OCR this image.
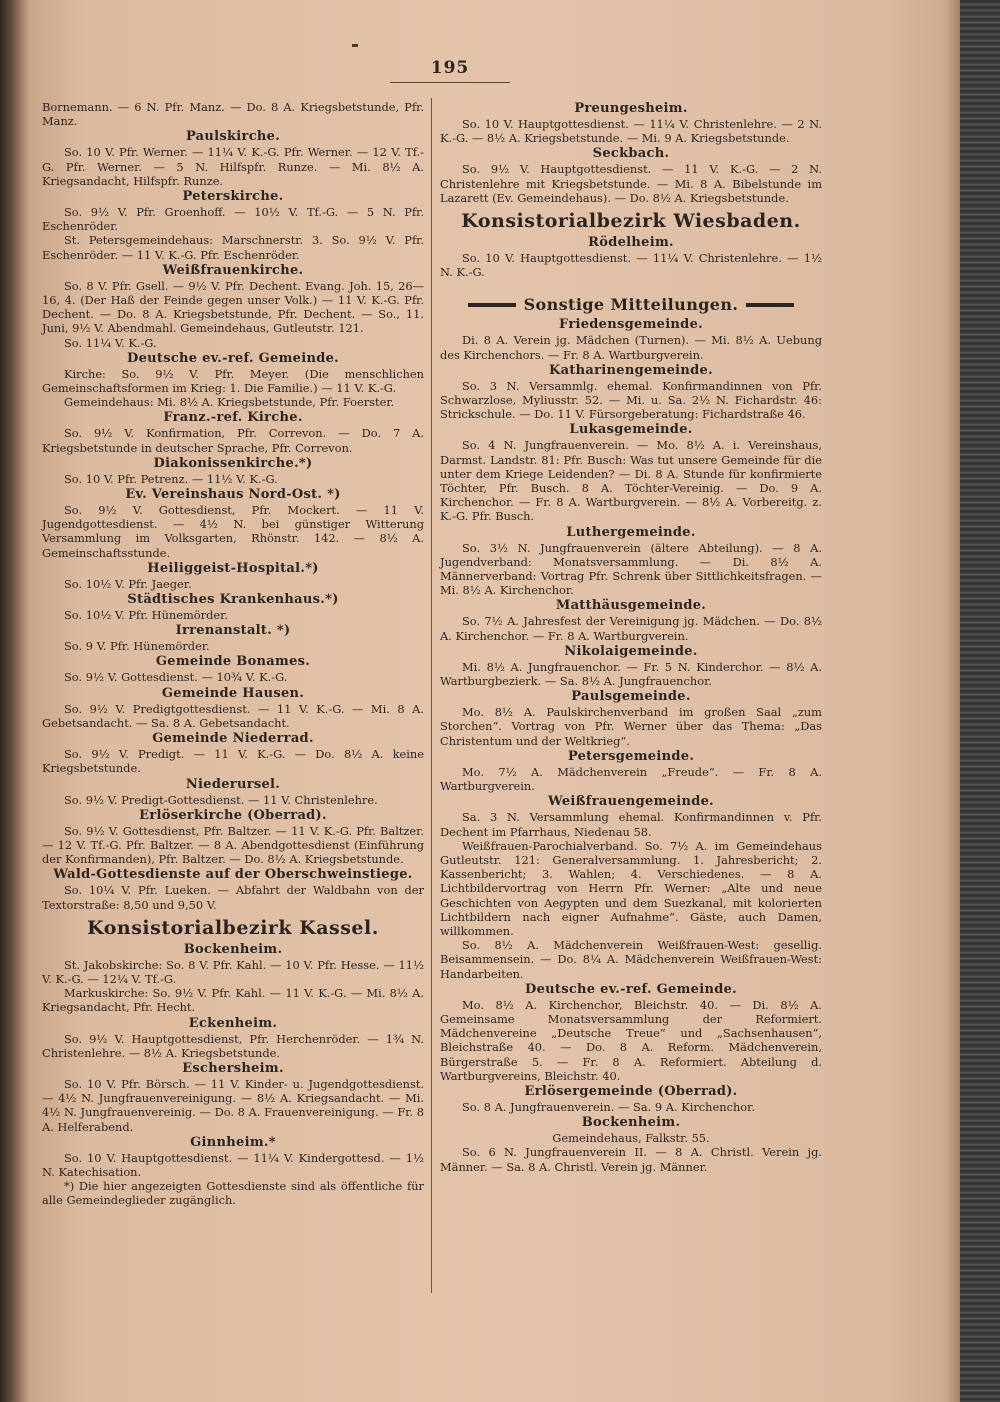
195

Bornemann. — 6 N. Pfr. Manz. — Do. 8 A. Kriegsbetstunde, Pfr. Manz.

Paulskirche.

So. 10 V. Pfr. Werner. — 11¼ V. K.-G. Pfr. Werner. — 12 V. Tf.-G. Pfr. Werner. — 5 N. Hilfspfr. Runze. — Mi. 8½ A. Kriegsandacht, Hilfspfr. Runze.

Peterskirche.

So. 9½ V. Pfr. Groenhoff. — 10½ V. Tf.-G. — 5 N. Pfr. Eschenröder.

St. Petersgemeindehaus: Marschnerstr. 3. So. 9½ V. Pfr. Eschenröder. — 11 V. K.-G. Pfr. Eschenröder.

Weißfrauenkirche.

So. 8 V. Pfr. Gsell. — 9½ V. Pfr. Dechent. Evang. Joh. 15, 26—16, 4. (Der Haß der Feinde gegen unser Volk.) — 11 V. K.-G. Pfr. Dechent. — Do. 8 A. Kriegsbetstunde, Pfr. Dechent. — So., 11. Juni, 9½ V. Abendmahl. Gemeindehaus, Gutleutstr. 121.

So. 11¼ V. K.-G.

Deutsche ev.-ref. Gemeinde.

Kirche: So. 9½ V. Pfr. Meyer. (Die menschlichen Gemeinschaftsformen im Krieg: 1. Die Familie.) — 11 V. K.-G.

Gemeindehaus: Mi. 8½ A. Kriegsbetstunde, Pfr. Foerster.

Franz.-ref. Kirche.

So. 9½ V. Konfirmation, Pfr. Correvon. — Do. 7 A. Kriegsbetstunde in deutscher Sprache, Pfr. Correvon.

Diakonissenkirche.*)

So. 10 V. Pfr. Petrenz. — 11½ V. K.-G.

Ev. Vereinshaus Nord-Ost. *)

So. 9½ V. Gottesdienst, Pfr. Mockert. — 11 V. Jugendgottesdienst. — 4½ N. bei günstiger Witterung Versammlung im Volksgarten, Rhönstr. 142. — 8½ A. Gemeinschaftsstunde.

Heiliggeist-Hospital.*)

So. 10½ V. Pfr. Jaeger.

Städtisches Krankenhaus.*)

So. 10½ V. Pfr. Hünemörder.

Irrenanstalt. *)

So. 9 V. Pfr. Hünemörder.

Gemeinde Bonames.

So. 9½ V. Gottesdienst. — 10¾ V. K.-G.

Gemeinde Hausen.

So. 9½ V. Predigtgottesdienst. — 11 V. K.-G. — Mi. 8 A. Gebetsandacht. — Sa. 8 A. Gebetsandacht.

Gemeinde Niederrad.

So. 9½ V. Predigt. — 11 V. K.-G. — Do. 8½ A. keine Kriegsbetstunde.

Niederursel.

So. 9½ V. Predigt-Gottesdienst. — 11 V. Christenlehre.

Erlöserkirche (Oberrad).

So. 9½ V. Gottesdienst, Pfr. Baltzer. — 11 V. K.-G. Pfr. Baltzer. — 12 V. Tf.-G. Pfr. Baltzer. — 8 A. Abendgottesdienst (Einführung der Konfirmanden), Pfr. Baltzer. — Do. 8½ A. Kriegsbetstunde.

Wald-Gottesdienste auf der Oberschweinstiege.

So. 10¼ V. Pfr. Lueken. — Abfahrt der Waldbahn von der Textorstraße: 8,50 und 9,50 V.

Konsistorialbezirk Kassel.
Bockenheim.

St. Jakobskirche: So. 8 V. Pfr. Kahl. — 10 V. Pfr. Hesse. — 11½ V. K.-G. — 12¼ V. Tf.-G.

Markuskirche: So. 9½ V. Pfr. Kahl. — 11 V. K.-G. — Mi. 8½ A. Kriegsandacht, Pfr. Hecht.

Eckenheim.

So. 9½ V. Hauptgottesdienst, Pfr. Herchenröder. — 1¾ N. Christenlehre. — 8½ A. Kriegsbetstunde.

Eschersheim.

So. 10 V. Pfr. Börsch. — 11 V. Kinder- u. Jugendgottesdienst. — 4½ N. Jungfrauenvereinigung. — 8½ A. Kriegsandacht. — Mi. 4½ N. Jungfrauenvereinig. — Do. 8 A. Frauenvereinigung. — Fr. 8 A. Helferabend.

Ginnheim.*

So. 10 V. Hauptgottesdienst. — 11¼ V. Kindergottesd. — 1½ N. Katechisation.

*) Die hier angezeigten Gottesdienste sind als öffentliche für alle Gemeindeglieder zugänglich.

Preungesheim.

So. 10 V. Hauptgottesdienst. — 11¼ V. Christenlehre. — 2 N. K.-G. — 8½ A. Kriegsbetstunde. — Mi. 9 A. Kriegsbetstunde.

Seckbach.

So. 9½ V. Hauptgottesdienst. — 11 V. K.-G. — 2 N. Christenlehre mit Kriegsbetstunde. — Mi. 8 A. Bibelstunde im Lazarett (Ev. Gemeindehaus). — Do. 8½ A. Kriegsbetstunde.

Konsistorialbezirk Wiesbaden.
Rödelheim.

So. 10 V. Hauptgottesdienst. — 11¼ V. Christenlehre. — 1½ N. K.-G.

Sonstige Mitteilungen.
Friedensgemeinde.

Di. 8 A. Verein jg. Mädchen (Turnen). — Mi. 8½ A. Uebung des Kirchenchors. — Fr. 8 A. Wartburgverein.

Katharinengemeinde.

So. 3 N. Versammlg. ehemal. Konfirmandinnen von Pfr. Schwarzlose, Myliusstr. 52. — Mi. u. Sa. 2½ N. Fichardstr. 46: Strickschule. — Do. 11 V. Fürsorgeberatung: Fichardstraße 46.

Lukasgemeinde.

So. 4 N. Jungfrauenverein. — Mo. 8½ A. i. Vereinshaus, Darmst. Landstr. 81: Pfr. Busch: Was tut unsere Gemeinde für die unter dem Kriege Leidenden? — Di. 8 A. Stunde für konfirmierte Töchter, Pfr. Busch. 8 A. Töchter-Vereinig. — Do. 9 A. Kirchenchor. — Fr. 8 A. Wartburgverein. — 8½ A. Vorbereitg. z. K.-G. Pfr. Busch.

Luthergemeinde.

So. 3½ N. Jungfrauenverein (ältere Abteilung). — 8 A. Jugendverband: Monatsversammlung. — Di. 8½ A. Männerverband: Vortrag Pfr. Schrenk über Sittlichkeitsfragen. — Mi. 8½ A. Kirchenchor.

Matthäusgemeinde.

So. 7½ A. Jahresfest der Vereinigung jg. Mädchen. — Do. 8½ A. Kirchenchor. — Fr. 8 A. Wartburgverein.

Nikolaigemeinde.

Mi. 8½ A. Jungfrauenchor. — Fr. 5 N. Kinderchor. — 8½ A. Wartburgbezierk. — Sa. 8½ A. Jungfrauenchor.

Paulsgemeinde.

Mo. 8½ A. Paulskirchenverband im großen Saal „zum Storchen“. Vortrag von Pfr. Werner über das Thema: „Das Christentum und der Weltkrieg“.

Petersgemeinde.

Mo. 7½ A. Mädchenverein „Freude“. — Fr. 8 A. Wartburgverein.

Weißfrauengemeinde.

Sa. 3 N. Versammlung ehemal. Konfirmandinnen v. Pfr. Dechent im Pfarrhaus, Niedenau 58.

Weißfrauen-Parochialverband. So. 7½ A. im Gemeindehaus Gutleutstr. 121: Generalversammlung. 1. Jahresbericht; 2. Kassenbericht; 3. Wahlen; 4. Verschiedenes. — 8 A. Lichtbildervortrag von Herrn Pfr. Werner: „Alte und neue Geschichten von Aegypten und dem Suezkanal, mit kolorierten Lichtbildern nach eigner Aufnahme“. Gäste, auch Damen, willkommen.

So. 8½ A. Mädchenverein Weißfrauen-West: gesellig. Beisammensein. — Do. 8¼ A. Mädchenverein Weißfrauen-West: Handarbeiten.

Deutsche ev.-ref. Gemeinde.

Mo. 8½ A. Kirchenchor, Bleichstr. 40. — Di. 8½ A. Gemeinsame Monatsversammlung der Reformiert. Mädchenvereine „Deutsche Treue“ und „Sachsenhausen“, Bleichstraße 40. — Do. 8 A. Reform. Mädchenverein, Bürgerstraße 5. — Fr. 8 A. Reformiert. Abteilung d. Wartburgvereins, Bleichstr. 40.

Erlösergemeinde (Oberrad).

So. 8 A. Jungfrauenverein. — Sa. 9 A. Kirchenchor.

Bockenheim.

Gemeindehaus, Falkstr. 55.

So. 6 N. Jungfrauenverein II. — 8 A. Christl. Verein jg. Männer. — Sa. 8 A. Christl. Verein jg. Männer.
